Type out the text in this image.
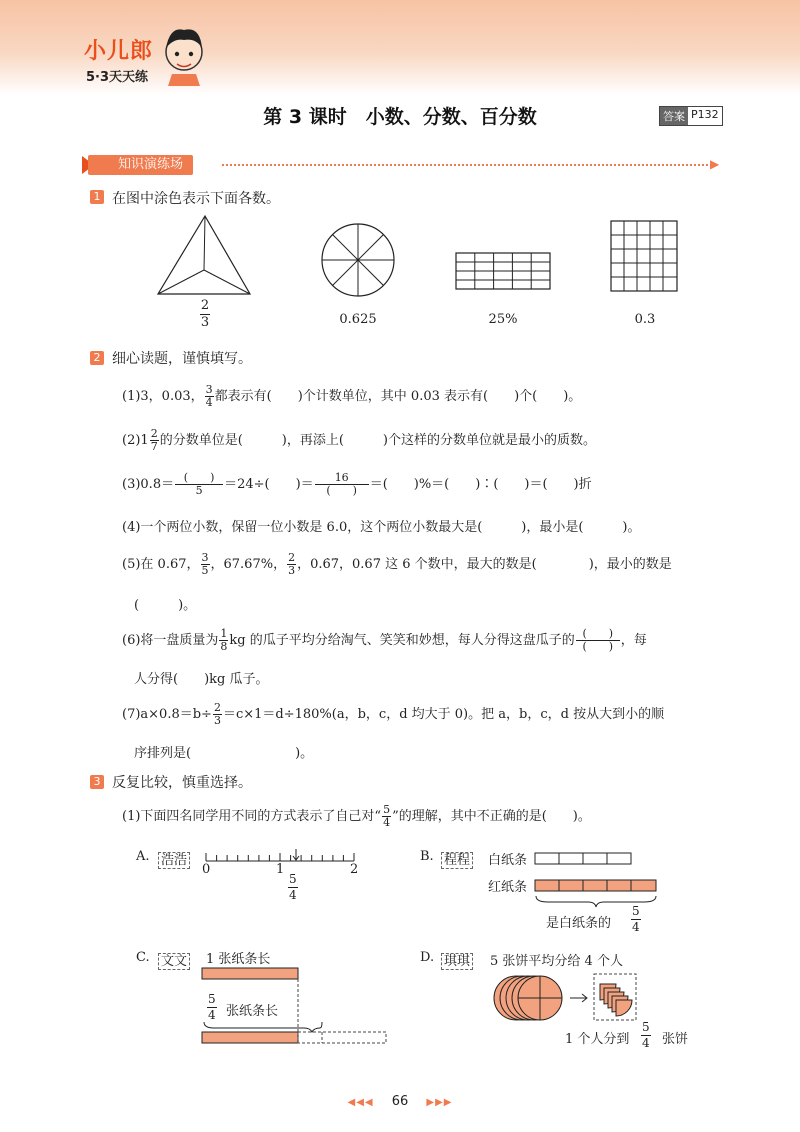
小儿郎
5·3天天练
第 3 课时　小数、分数、百分数	答案 P132
知识演练场	▶
1 在图中涂色表示下面各数。
$\frac{2}{3}$	0.625	25%	0.3
2 细心读题，谨慎填写。
(1)3，0.03， $\frac{3}{4}$ 都表示有(　　)个计数单位，其中 0.03 表示有(　　)个(　　)。
$(2)1 \frac{2}{7}$ 的分数单位是(　　　)，再添上(　　　)个这样的分数单位就是最小的质数。
$(3)0.8= \frac{( )}{5} =24\div$(　　)＝ $\frac{16}{( )}$ ＝(　　)%＝(　　)∶(　　)＝(　　)折
(4)一个两位小数，保留一位小数是 6.0，这个两位小数最大是(　　　)，最小是(　　　)。
(5)在 0.67， $\frac{3}{5}$ ，67.67%， $\frac{2}{3}$ ，0.6̇7̇，0.67̇ 这 6 个数中，最大的数是(　　　　)，最小的数是
(　　　)。
(6)将一盘质量为 $\frac{1}{8}$ kg 的瓜子平均分给淘气、笑笑和妙想，每人分得这盘瓜子的 $\frac{( )}{( )}$ ，每
人分得(　　)kg 瓜子。
$(7)a\times 0.8=b\div \frac{2}{3} =c\times 1=d\div 180\%(a$，b，c，d 均大于 0)。把 a，b，c，d 按从大到小的顺
序排列是(　　　　　　　　)。
3 反复比较，慎重选择。
(1)下面四名同学用不同的方式表示了自己对“ $\frac{5}{4}$ ”的理解，其中不正确的是(　　)。
A. 浩浩
0	1	2
$\frac{5}{4}$
B. 程程 白纸条
红纸条
是白纸条的 $\frac{5}{4}$
C. 文文 1 张纸条长
$\frac{5}{4}$ 张纸条长
D. 琪琪 5 张饼平均分给 4 个人
1 个人分到 $\frac{5}{4}$ 张饼
◀◀◀ 66 ▶▶▶
